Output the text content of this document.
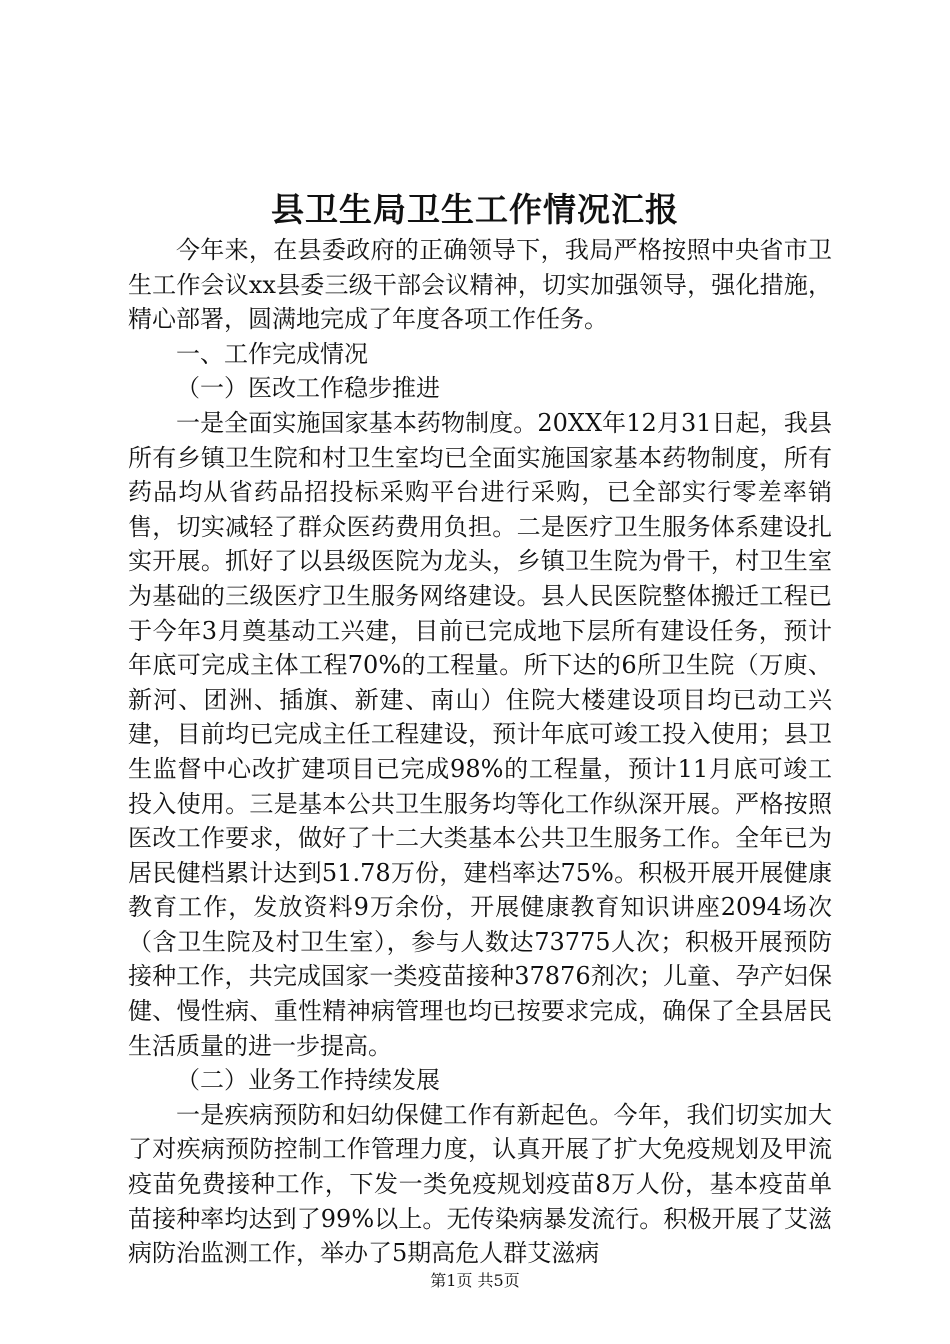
县卫生局卫生工作情况汇报

今年来，在县委政府的正确领导下，我局严格按照中央省市卫生工作会议xx县委三级干部会议精神，切实加强领导，强化措施，精心部署，圆满地完成了年度各项工作任务。

一、工作完成情况

（一）医改工作稳步推进

一是全面实施国家基本药物制度。20XX年12月31日起，我县所有乡镇卫生院和村卫生室均已全面实施国家基本药物制度，所有药品均从省药品招投标采购平台进行采购，已全部实行零差率销售，切实减轻了群众医药费用负担。二是医疗卫生服务体系建设扎实开展。抓好了以县级医院为龙头，乡镇卫生院为骨干，村卫生室为基础的三级医疗卫生服务网络建设。县人民医院整体搬迁工程已于今年3月奠基动工兴建，目前已完成地下层所有建设任务，预计年底可完成主体工程70%的工程量。所下达的6所卫生院（万庾、新河、团洲、插旗、新建、南山）住院大楼建设项目均已动工兴建，目前均已完成主任工程建设，预计年底可竣工投入使用；县卫生监督中心改扩建项目已完成98%的工程量，预计11月底可竣工投入使用。三是基本公共卫生服务均等化工作纵深开展。严格按照医改工作要求，做好了十二大类基本公共卫生服务工作。全年已为居民健档累计达到51.78万份，建档率达75%。积极开展开展健康教育工作，发放资料9万余份，开展健康教育知识讲座2094场次（含卫生院及村卫生室），参与人数达73775人次；积极开展预防接种工作，共完成国家一类疫苗接种37876剂次；儿童、孕产妇保健、慢性病、重性精神病管理也均已按要求完成，确保了全县居民生活质量的进一步提高。

（二）业务工作持续发展

一是疾病预防和妇幼保健工作有新起色。今年，我们切实加大了对疾病预防控制工作管理力度，认真开展了扩大免疫规划及甲流疫苗免费接种工作，下发一类免疫规划疫苗8万人份，基本疫苗单苗接种率均达到了99%以上。无传染病暴发流行。积极开展了艾滋病防治监测工作，举办了5期高危人群艾滋病

第1页 共5页
